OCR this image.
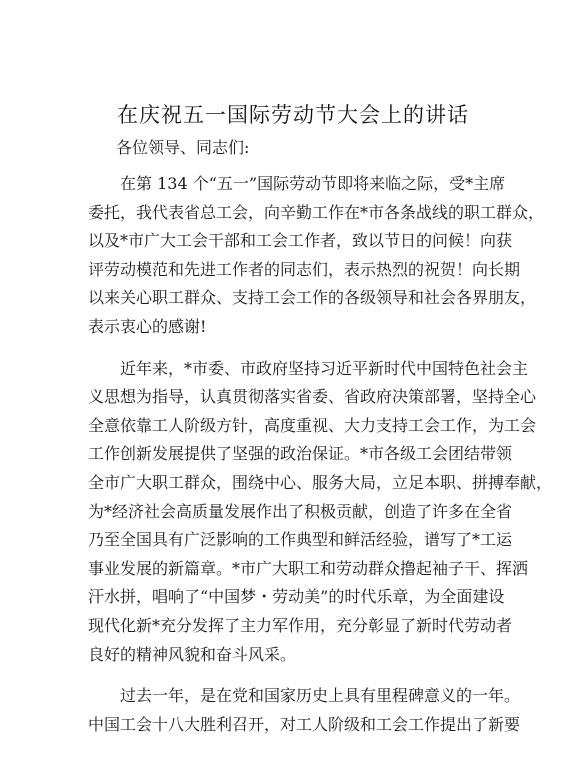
在庆祝五一国际劳动节大会上的讲话
各位领导、同志们:
在第 134 个“五一”国际劳动节即将来临之际，受*主席
委托，我代表省总工会，向辛勤工作在*市各条战线的职工群众，
以及*市广大工会干部和工会工作者，致以节日的问候！向获
评劳动模范和先进工作者的同志们，表示热烈的祝贺！向长期
以来关心职工群众、支持工会工作的各级领导和社会各界朋友，
表示衷心的感谢!
近年来，*市委、市政府坚持习近平新时代中国特色社会主
义思想为指导，认真贯彻落实省委、省政府决策部署，坚持全心
全意依靠工人阶级方针，高度重视、大力支持工会工作，为工会
工作创新发展提供了坚强的政治保证。*市各级工会团结带领
全市广大职工群众，围绕中心、服务大局，立足本职、拼搏奉献，
为*经济社会高质量发展作出了积极贡献，创造了许多在全省
乃至全国具有广泛影响的工作典型和鲜活经验，谱写了*工运
事业发展的新篇章。*市广大职工和劳动群众撸起袖子干、挥洒
汗水拼，唱响了“中国梦・劳动美”的时代乐章，为全面建设
现代化新*充分发挥了主力军作用，充分彰显了新时代劳动者
良好的精神风貌和奋斗风采。
过去一年，是在党和国家历史上具有里程碑意义的一年。
中国工会十八大胜利召开，对工人阶级和工会工作提出了新要
